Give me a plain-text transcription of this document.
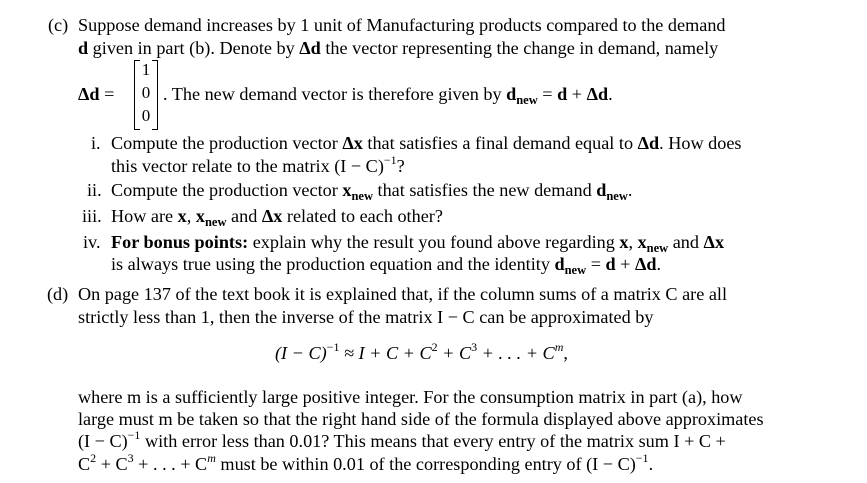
(c) Suppose demand increases by 1 unit of Manufacturing products compared to the demand
d given in part (b). Denote by Δd the vector representing the change in demand, namely
Δd =
1
0
0
. The new demand vector is therefore given by $d_{new} = d + \Delta d$.
i. Compute the production vector Δx that satisfies a final demand equal to Δd. How does
this vector relate to the matrix $(I - C)^{-1}$?
ii. Compute the production vector $x_{new}$ that satisfies the new demand $d_{new}$.
iii. How are x, $x_{new}$ and Δx related to each other?
iv. For bonus points: explain why the result you found above regarding x, $x_{new}$ and Δx
is always true using the production equation and the identity $d_{new} = d + \Delta d$.
(d) On page 137 of the text book it is explained that, if the column sums of a matrix C are all
strictly less than 1, then the inverse of the matrix I − C can be approximated by
$(I - C)^{-1} \approx I + C + C^2 + C^3$ + . . . + $C^m$,
where m is a sufficiently large positive integer. For the consumption matrix in part (a), how
large must m be taken so that the right hand side of the formula displayed above approximates
$(I - C)^{-1}$ with error less than 0.01? This means that every entry of the matrix sum I + C +
$C^2 + C^3$ + . . . + $C^m$ must be within 0.01 of the corresponding entry of $(I - C)^{-1}$.
